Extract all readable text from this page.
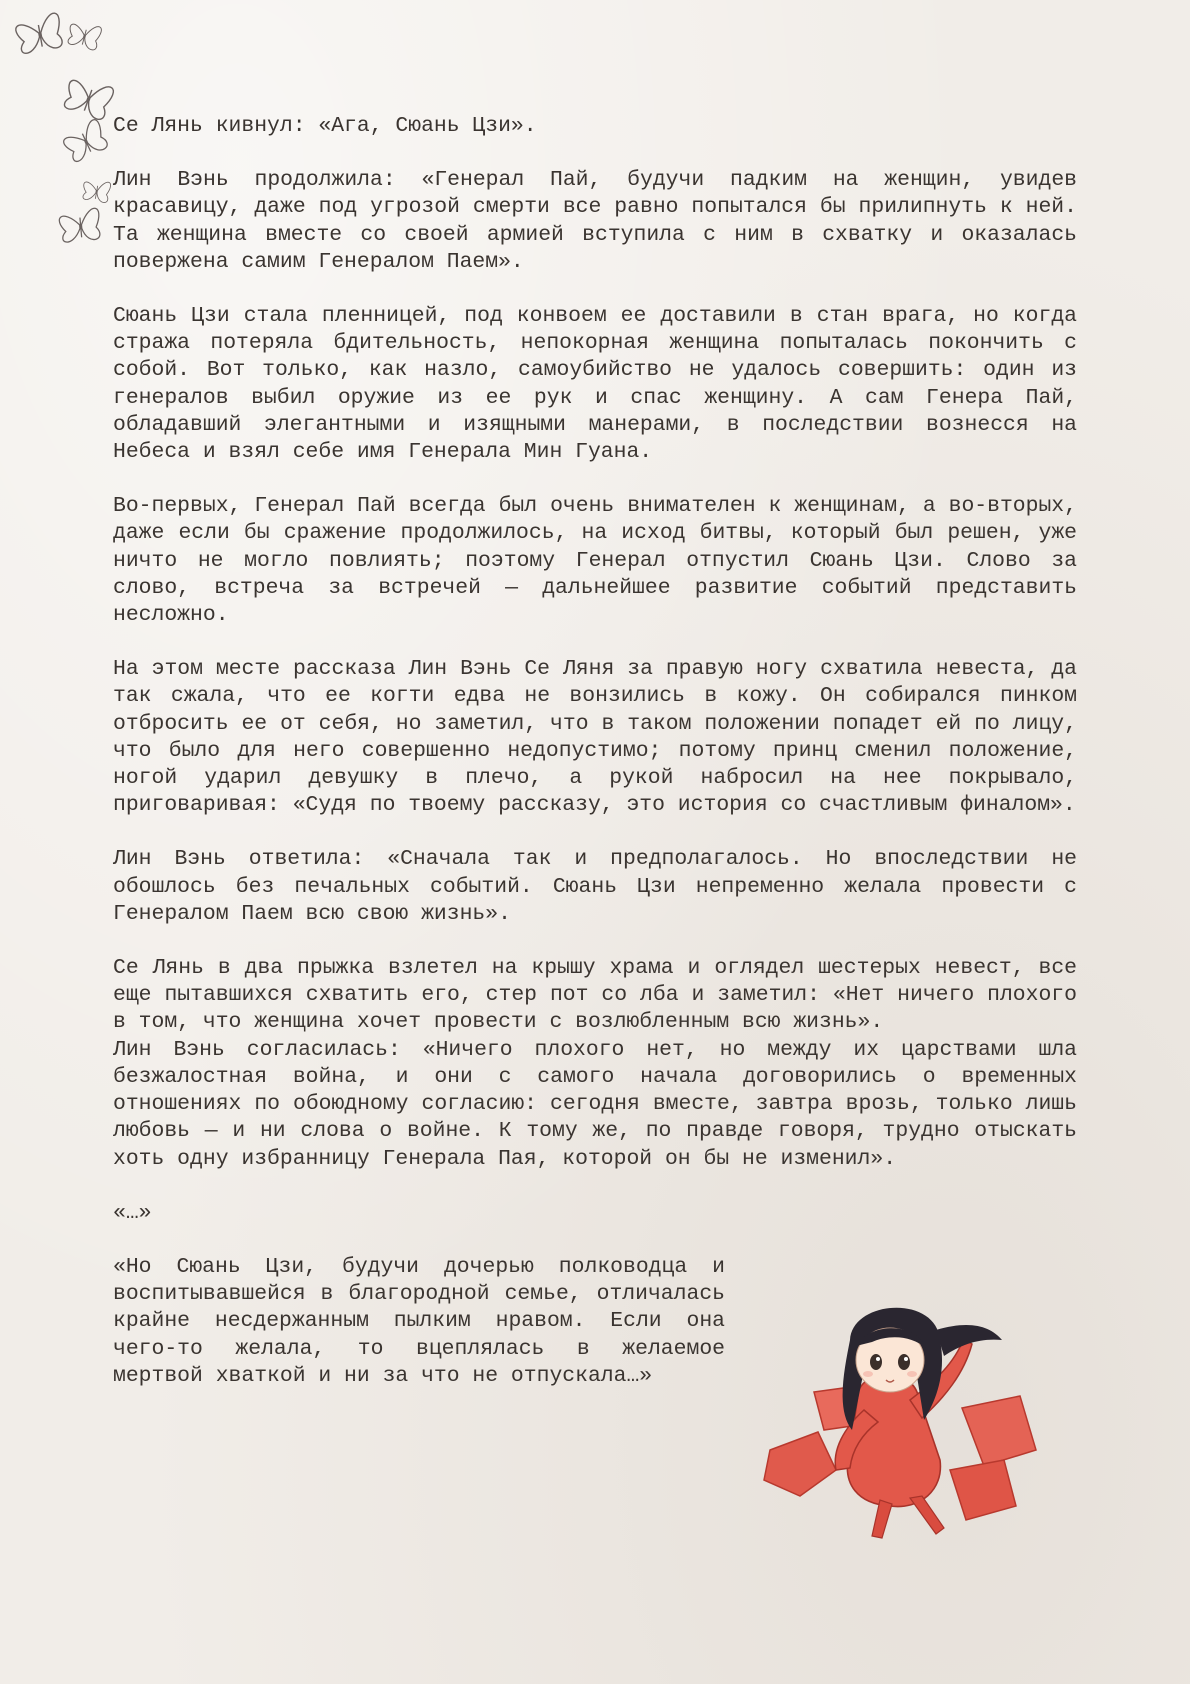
Се Лянь кивнул: «Ага, Сюань Цзи».

Лин Вэнь продолжила: «Генерал Пай, будучи падким на женщин, увидев красавицу, даже под угрозой смерти все равно попытался бы прилипнуть к ней. Та женщина вместе со своей армией вступила с ним в схватку и оказалась повержена самим Генералом Паем».

Сюань Цзи стала пленницей, под конвоем ее доставили в стан врага, но когда стража потеряла бдительность, непокорная женщина попыталась покончить с собой. Вот только, как назло, самоубийство не удалось совершить: один из генералов выбил оружие из ее рук и спас женщину. А сам Генера Пай, обладавший элегантными и изящными манерами, в последствии вознесся на Небеса и взял себе имя Генерала Мин Гуана.

Во-первых, Генерал Пай всегда был очень внимателен к женщинам, а во-вторых, даже если бы сражение продолжилось, на исход битвы, который был решен, уже ничто не могло повлиять; поэтому Генерал отпустил Сюань Цзи. Слово за слово, встреча за встречей — дальнейшее развитие событий представить несложно.

На этом месте рассказа Лин Вэнь Се Ляня за правую ногу схватила невеста, да так сжала, что ее когти едва не вонзились в кожу. Он собирался пинком отбросить ее от себя, но заметил, что в таком положении попадет ей по лицу, что было для него совершенно недопустимо; потому принц сменил положение, ногой ударил девушку в плечо, а рукой набросил на нее покрывало, приговаривая: «Судя по твоему рассказу, это история со счастливым финалом».

Лин Вэнь ответила: «Сначала так и предполагалось. Но впоследствии не обошлось без печальных событий. Сюань Цзи непременно желала провести с Генералом Паем всю свою жизнь».

Се Лянь в два прыжка взлетел на крышу храма и оглядел шестерых невест, все еще пытавшихся схватить его, стер пот со лба и заметил: «Нет ничего плохого в том, что женщина хочет провести с возлюбленным всю жизнь».

Лин Вэнь согласилась: «Ничего плохого нет, но между их царствами шла безжалостная война, и они с самого начала договорились о временных отношениях по обоюдному согласию: сегодня вместе, завтра врозь, только лишь любовь — и ни слова о войне. К тому же, по правде говоря, трудно отыскать хоть одну избранницу Генерала Пая, которой он бы не изменил».

«…»

«Но Сюань Цзи, будучи дочерью полководца и воспитывавшейся в благородной семье, отличалась крайне несдержанным пылким нравом. Если она чего-то желала, то вцеплялась в желаемое мертвой хваткой и ни за что не отпускала…»
